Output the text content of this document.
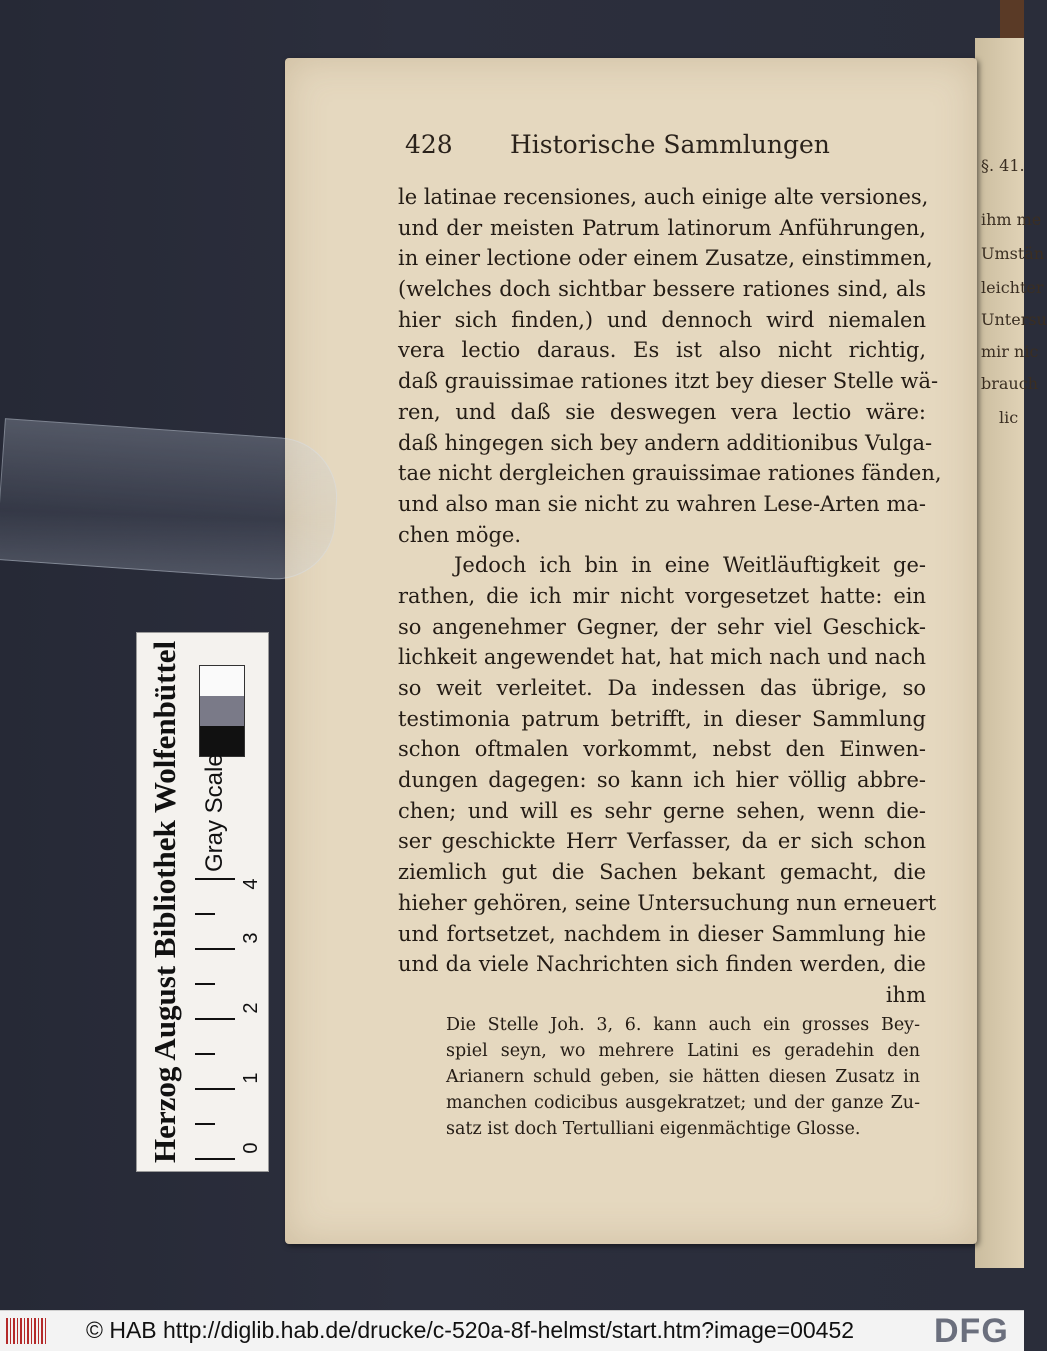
§. 41.
ihm me
Umstän
leichter
Untersu
mir nic
brauch
lic
428 Historische Sammlungen
le latinae recensiones, auch einige alte versiones,
und der meisten Patrum latinorum Anführungen,
in einer lectione oder einem Zusatze, einstimmen,
(welches doch sichtbar bessere rationes sind, als
hier sich finden,) und dennoch wird niemalen
vera lectio daraus. Es ist also nicht richtig,
daß grauissimae rationes itzt bey dieser Stelle wä-
ren, und daß sie deswegen vera lectio wäre:
daß hingegen sich bey andern additionibus Vulga-
tae nicht dergleichen grauissimae rationes fänden,
und also man sie nicht zu wahren Lese-Arten ma-
chen möge.
Jedoch ich bin in eine Weitläuftigkeit ge-
rathen, die ich mir nicht vorgesetzet hatte: ein
so angenehmer Gegner, der sehr viel Geschick-
lichkeit angewendet hat, hat mich nach und nach
so weit verleitet. Da indessen das übrige, so
testimonia patrum betrifft, in dieser Sammlung
schon oftmalen vorkommt, nebst den Einwen-
dungen dagegen: so kann ich hier völlig abbre-
chen; und will es sehr gerne sehen, wenn die-
ser geschickte Herr Verfasser, da er sich schon
ziemlich gut die Sachen bekant gemacht, die
hieher gehören, seine Untersuchung nun erneuert
und fortsetzet, nachdem in dieser Sammlung hie
und da viele Nachrichten sich finden werden, die
ihm
Die Stelle Joh. 3, 6. kann auch ein grosses Bey-
spiel seyn, wo mehrere Latini es geradehin den
Arianern schuld geben, sie hätten diesen Zusatz in
manchen codicibus ausgekratzet; und der ganze Zu-
satz ist doch Tertulliani eigenmächtige Glosse.
Herzog August Bibliothek Wolfenbüttel Gray Scale
0
1
2
3
4
© HAB http://diglib.hab.de/drucke/c-520a-8f-helmst/start.htm?image=00452 DFG
